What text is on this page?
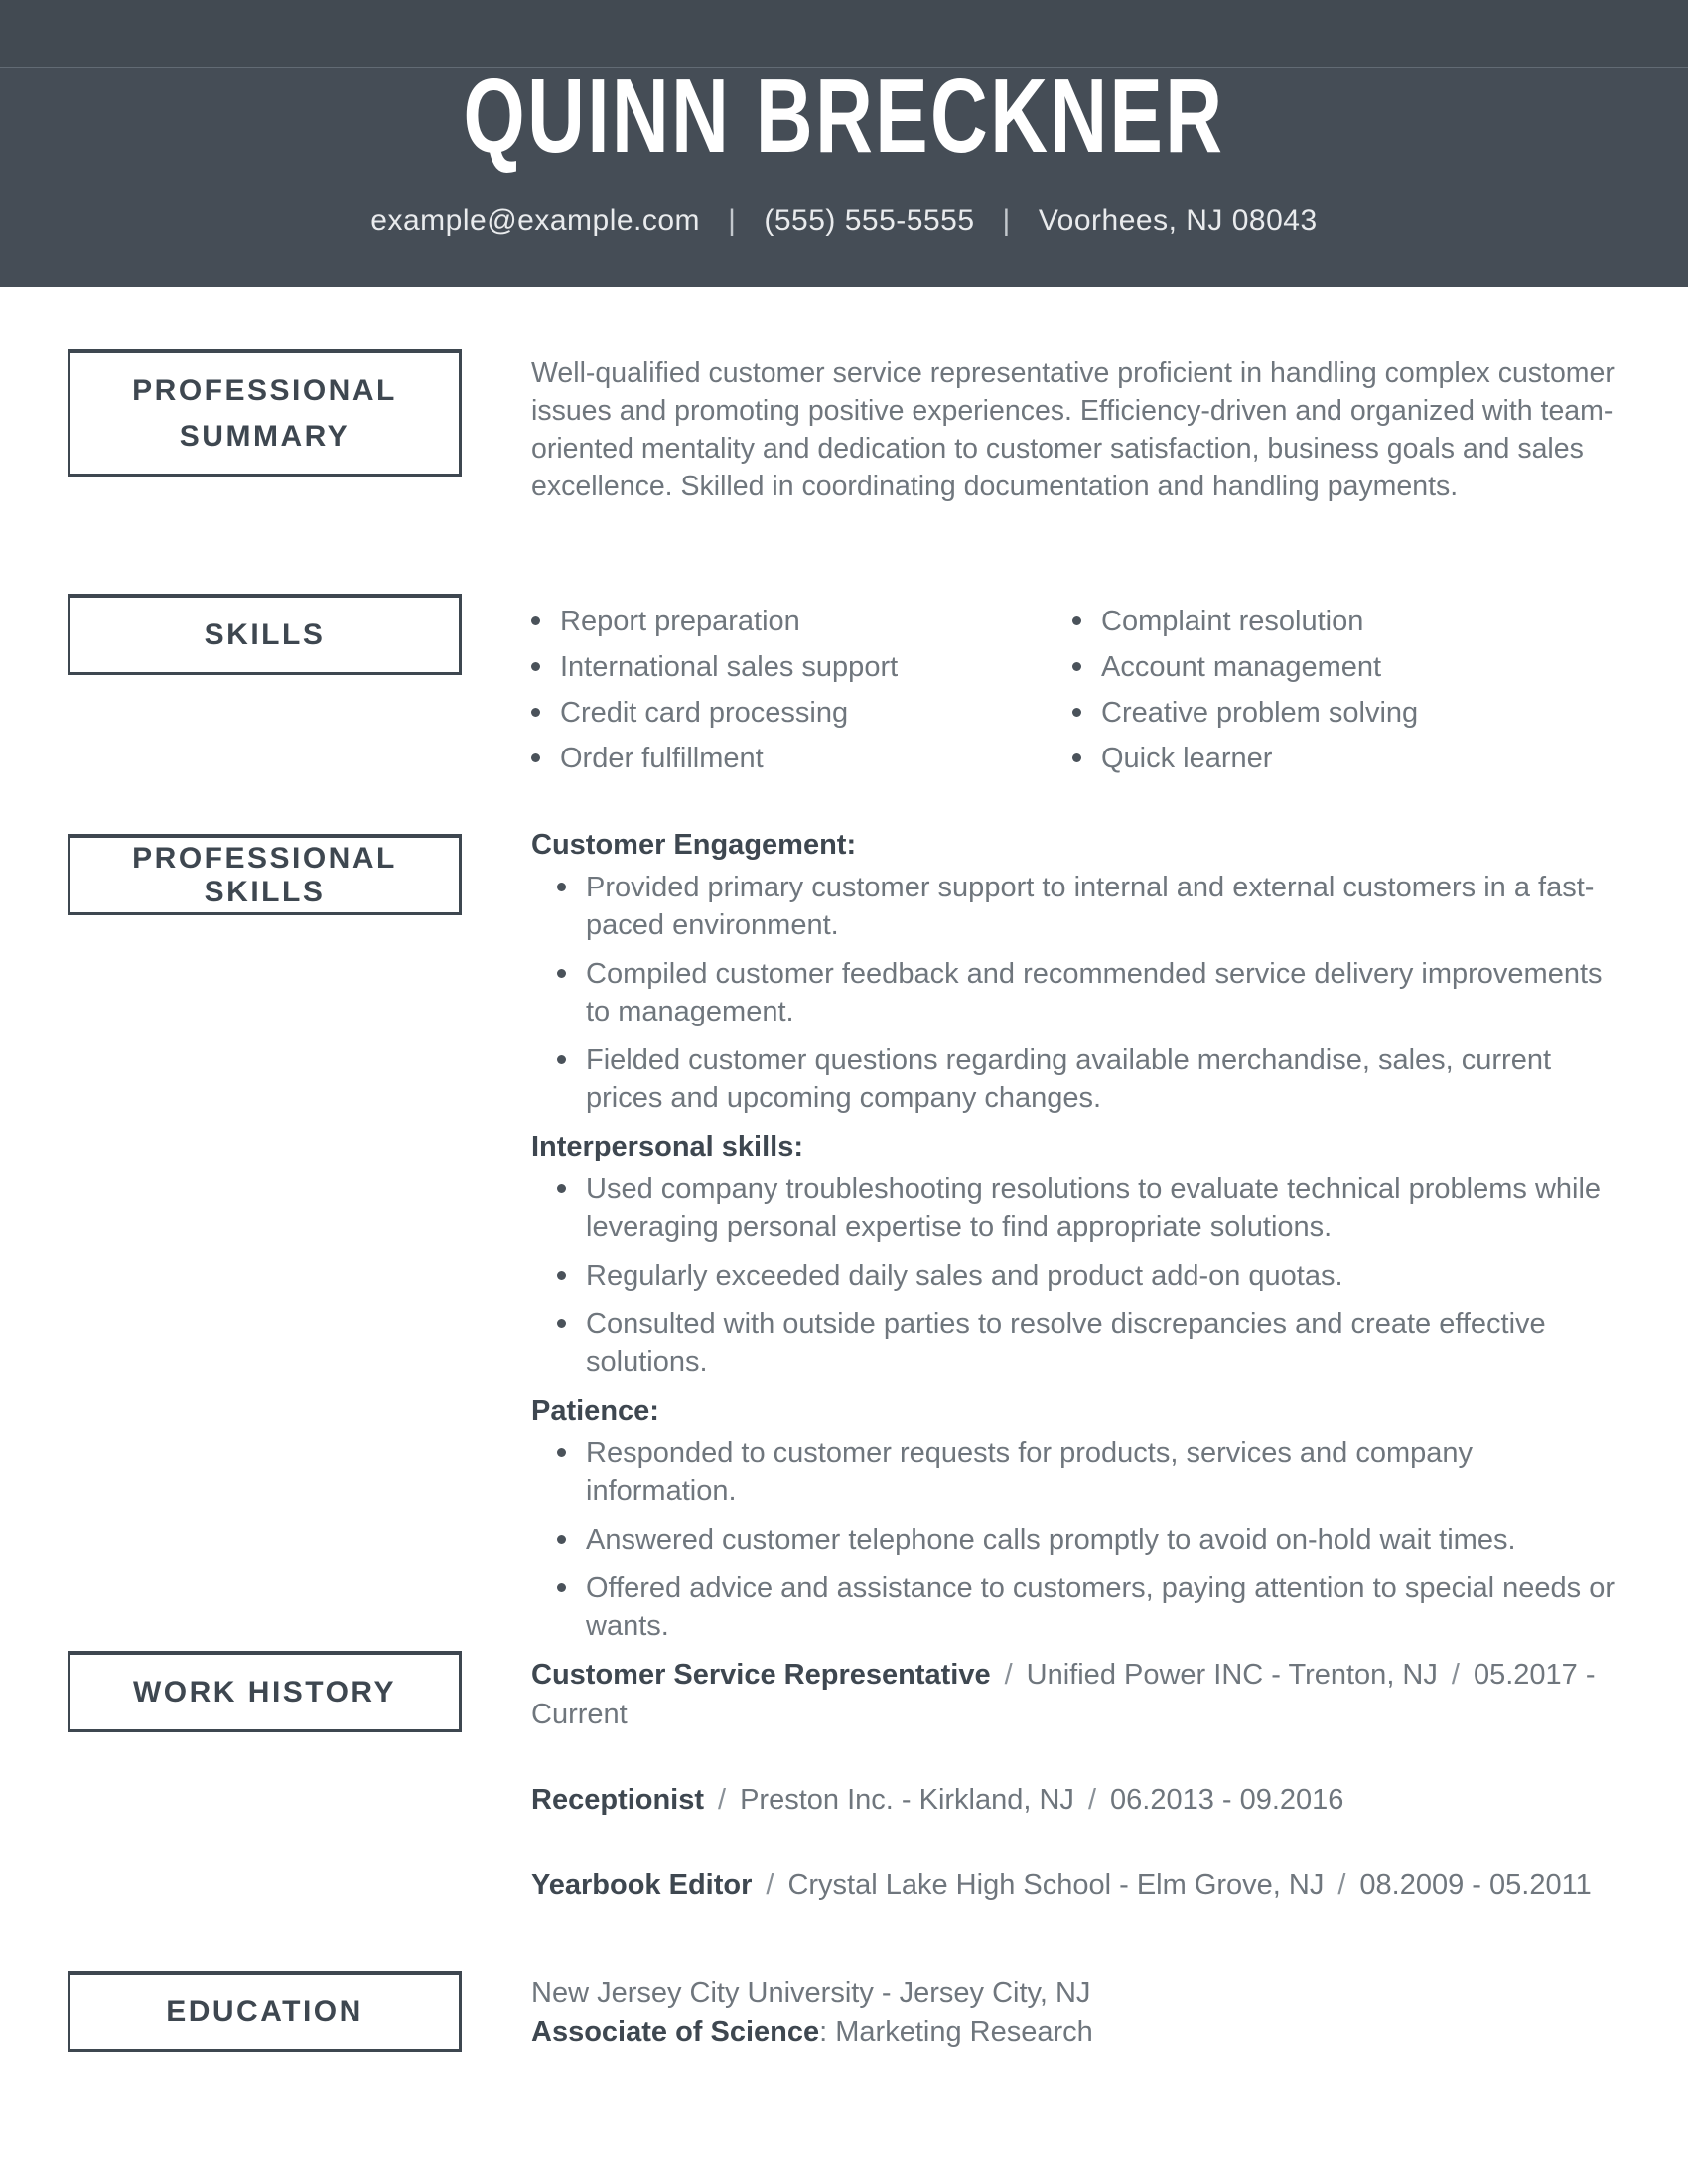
QUINN BRECKNER
example@example.com | (555) 555-5555 | Voorhees, NJ 08043
PROFESSIONAL
SUMMARY

Well-qualified customer service representative proficient in handling complex customer issues and promoting positive experiences. Efficiency-driven and organized with team-oriented mentality and dedication to customer satisfaction, business goals and sales excellence. Skilled in coordinating documentation and handling payments.

SKILLS	Report preparation
International sales support
Credit card processing
Order fulfillment
Complaint resolution
Account management
Creative problem solving
Quick learner
PROFESSIONAL SKILLS
Customer Engagement:
Provided primary customer support to internal and external customers in a fast-paced environment.
Compiled customer feedback and recommended service delivery improvements to management.
Fielded customer questions regarding available merchandise, sales, current prices and upcoming company changes.
Interpersonal skills:
Used company troubleshooting resolutions to evaluate technical problems while leveraging personal expertise to find appropriate solutions.
Regularly exceeded daily sales and product add-on quotas.
Consulted with outside parties to resolve discrepancies and create effective solutions.
Patience:
Responded to customer requests for products, services and company information.
Answered customer telephone calls promptly to avoid on-hold wait times.
Offered advice and assistance to customers, paying attention to special needs or wants.
WORK HISTORY

Customer Service Representative / Unified Power INC - Trenton, NJ / 05.2017 - Current

Receptionist / Preston Inc. - Kirkland, NJ / 06.2013 - 09.2016

Yearbook Editor / Crystal Lake High School - Elm Grove, NJ / 08.2009 - 05.2011

EDUCATION

New Jersey City University - Jersey City, NJ

Associate of Science: Marketing Research
